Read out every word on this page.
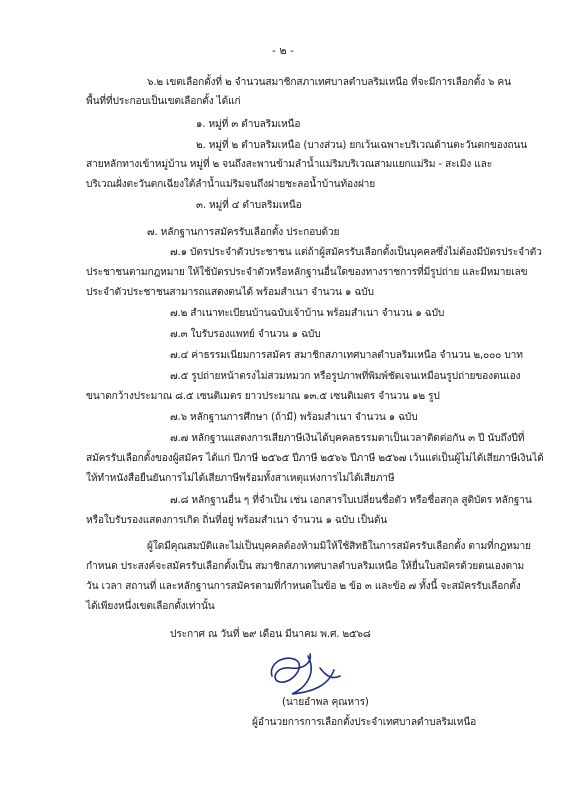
- ๒ -
๖.๒ เขตเลือกตั้งที่ ๒ จำนวนสมาชิกสภาเทศบาลตำบลริมเหนือ ที่จะมีการเลือกตั้ง ๖ คน
พื้นที่ที่ประกอบเป็นเขตเลือกตั้ง ได้แก่
๑. หมู่ที่ ๓ ตำบลริมเหนือ
๒. หมู่ที่ ๒ ตำบลริมเหนือ (บางส่วน) ยกเว้นเฉพาะบริเวณด้านตะวันตกของถนน
สายหลักทางเข้าหมู่บ้าน หมู่ที่ ๒ จนถึงสะพานข้ามลำน้ำแม่ริมบริเวณสามแยกแม่ริม - สะเมิง และ
บริเวณฝั่งตะวันตกเฉียงใต้ลำน้ำแม่ริมจนถึงฝายชะลอน้ำบ้านท้องฝาย
๓. หมู่ที่ ๔ ตำบลริมเหนือ
๗. หลักฐานการสมัครรับเลือกตั้ง ประกอบด้วย
๗.๑ บัตรประจำตัวประชาชน แต่ถ้าผู้สมัครรับเลือกตั้งเป็นบุคคลซึ่งไม่ต้องมีบัตรประจำตัว
ประชาชนตามกฎหมาย ให้ใช้บัตรประจำตัวหรือหลักฐานอื่นใดของทางราชการที่มีรูปถ่าย และมีหมายเลข
ประจำตัวประชาชนสามารถแสดงตนได้ พร้อมสำเนา จำนวน ๑ ฉบับ
๗.๒ สำเนาทะเบียนบ้านฉบับเจ้าบ้าน พร้อมสำเนา จำนวน ๑ ฉบับ
๗.๓ ใบรับรองแพทย์ จำนวน ๑ ฉบับ
๗.๔ ค่าธรรมเนียมการสมัคร สมาชิกสภาเทศบาลตำบลริมเหนือ จำนวน ๒,๐๐๐ บาท
๗.๕ รูปถ่ายหน้าตรงไม่สวมหมวก หรือรูปภาพที่พิมพ์ชัดเจนเหมือนรูปถ่ายของตนเอง
ขนาดกว้างประมาณ ๘.๕ เซนติเมตร ยาวประมาณ ๑๓.๕ เซนติเมตร จำนวน ๑๒ รูป
๗.๖ หลักฐานการศึกษา (ถ้ามี) พร้อมสำเนา จำนวน ๑ ฉบับ
๗.๗ หลักฐานแสดงการเสียภาษีเงินได้บุคคลธรรมดาเป็นเวลาติดต่อกัน ๓ ปี นับถึงปีที่
สมัครรับเลือกตั้งของผู้สมัคร ได้แก่ ปีภาษี ๒๕๖๕ ปีภาษี ๒๕๖๖ ปีภาษี ๒๕๖๗ เว้นแต่เป็นผู้ไม่ได้เสียภาษีเงินได้
ให้ทำหนังสือยืนยันการไม่ได้เสียภาษีพร้อมทั้งสาเหตุแห่งการไม่ได้เสียภาษี
๗.๘ หลักฐานอื่น ๆ ที่จำเป็น เช่น เอกสารใบเปลี่ยนชื่อตัว หรือชื่อสกุล สูติบัตร หลักฐาน
หรือใบรับรองแสดงการเกิด ถิ่นที่อยู่ พร้อมสำเนา จำนวน ๑ ฉบับ เป็นต้น
ผู้ใดมีคุณสมบัติและไม่เป็นบุคคลต้องห้ามมิให้ใช้สิทธิในการสมัครรับเลือกตั้ง ตามที่กฎหมาย
กำหนด ประสงค์จะสมัครรับเลือกตั้งเป็น สมาชิกสภาเทศบาลตำบลริมเหนือ ให้ยื่นใบสมัครด้วยตนเองตาม
วัน เวลา สถานที่ และหลักฐานการสมัครตามที่กำหนดในข้อ ๒ ข้อ ๓ และข้อ ๗ ทั้งนี้ จะสมัครรับเลือกตั้ง
ได้เพียงหนึ่งเขตเลือกตั้งเท่านั้น
ประกาศ ณ วันที่ ๒๙ เดือน มีนาคม พ.ศ. ๒๕๖๘
(นายอำพล คุณหาร)
ผู้อำนวยการการเลือกตั้งประจำเทศบาลตำบลริมเหนือ
